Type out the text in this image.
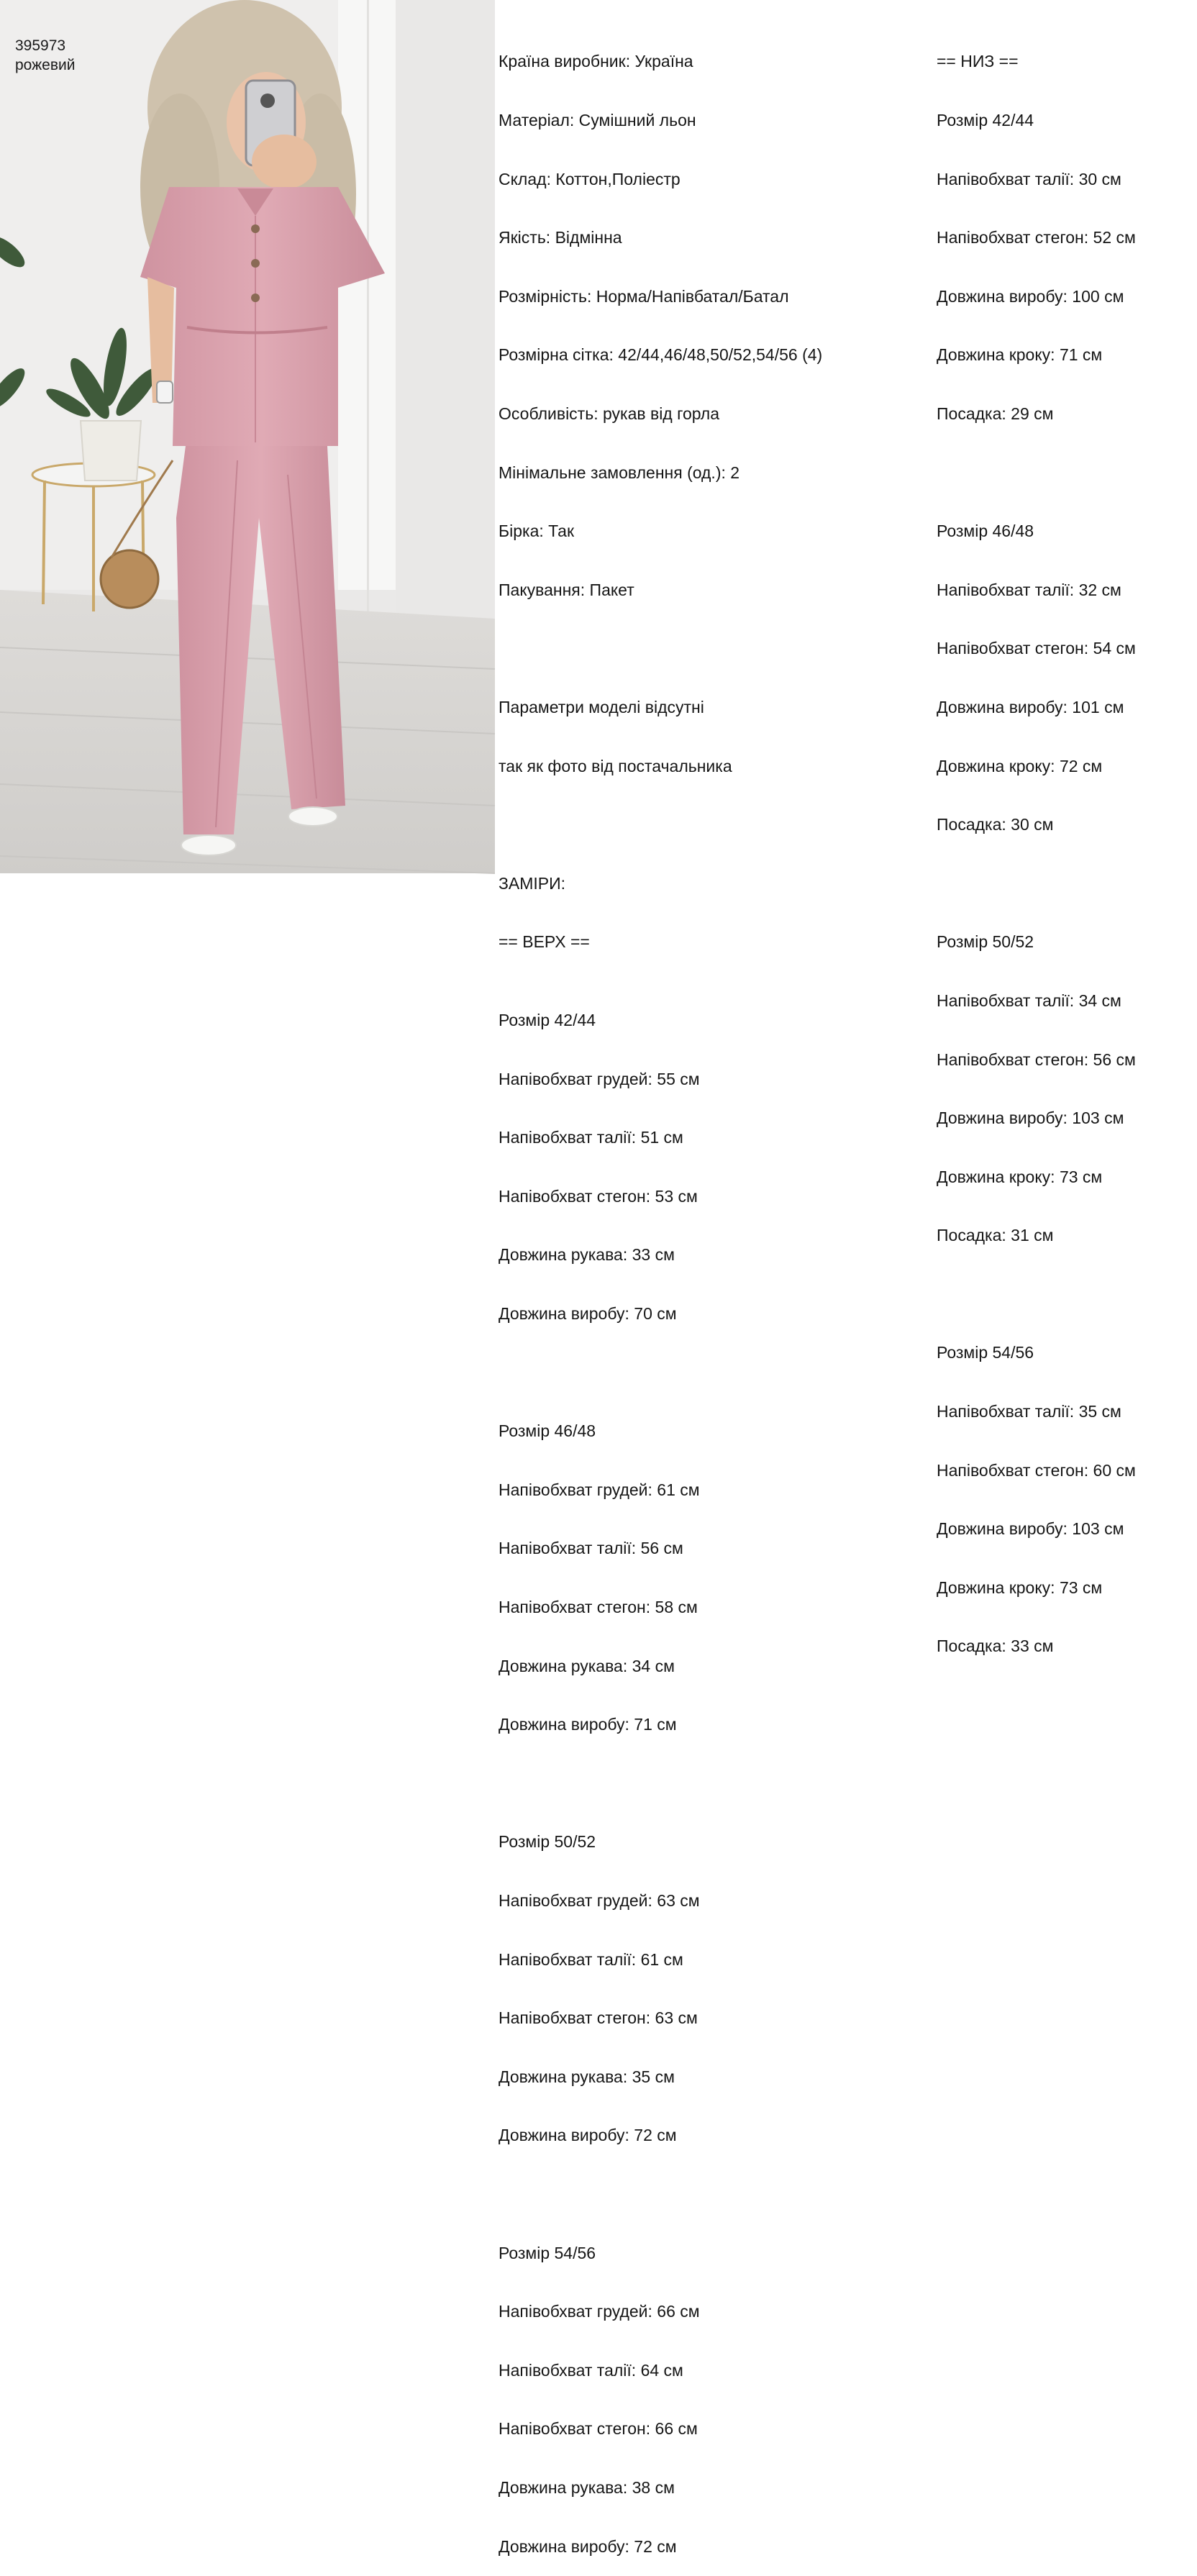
395973
рожевий

	Країна виробник: Україна

Матеріал: Сумішний льон

Склад: Коттон,Поліестр

Якість: Відмінна

Розмірність: Норма/Напівбатал/Батал

Розмірна сітка: 42/44,46/48,50/52,54/56 (4)

Особливість: рукав від горла

Мінімальне замовлення (од.): 2

Бірка: Так

Пакування: Пакет

Параметри моделі відсутні

так як фото від постачальника

ЗАМІРИ:

== ВЕРХ ==

Розмір 42/44

Напівобхват грудей: 55 см

Напівобхват талії: 51 см

Напівобхват стегон: 53 см

Довжина рукава: 33 см

Довжина виробу: 70 см

Розмір 46/48

Напівобхват грудей: 61 см

Напівобхват талії: 56 см

Напівобхват стегон: 58 см

Довжина рукава: 34 см

Довжина виробу: 71 см

Розмір 50/52

Напівобхват грудей: 63 см

Напівобхват талії: 61 см

Напівобхват стегон: 63 см

Довжина рукава: 35 см

Довжина виробу: 72 см

Розмір 54/56

Напівобхват грудей: 66 см

Напівобхват талії: 64 см

Напівобхват стегон: 66 см

Довжина рукава: 38 см

Довжина виробу: 72 см

== НИЗ ==

Розмір 42/44

Напівобхват талії: 30 см

Напівобхват стегон: 52 см

Довжина виробу: 100 см

Довжина кроку: 71 см

Посадка: 29 см

Розмір 46/48

Напівобхват талії: 32 см

Напівобхват стегон: 54 см

Довжина виробу: 101 см

Довжина кроку: 72 см

Посадка: 30 см

Розмір 50/52

Напівобхват талії: 34 см

Напівобхват стегон: 56 см

Довжина виробу: 103 см

Довжина кроку: 73 см

Посадка: 31 см

Розмір 54/56

Напівобхват талії: 35 см

Напівобхват стегон: 60 см

Довжина виробу: 103 см

Довжина кроку: 73 см

Посадка: 33 см
